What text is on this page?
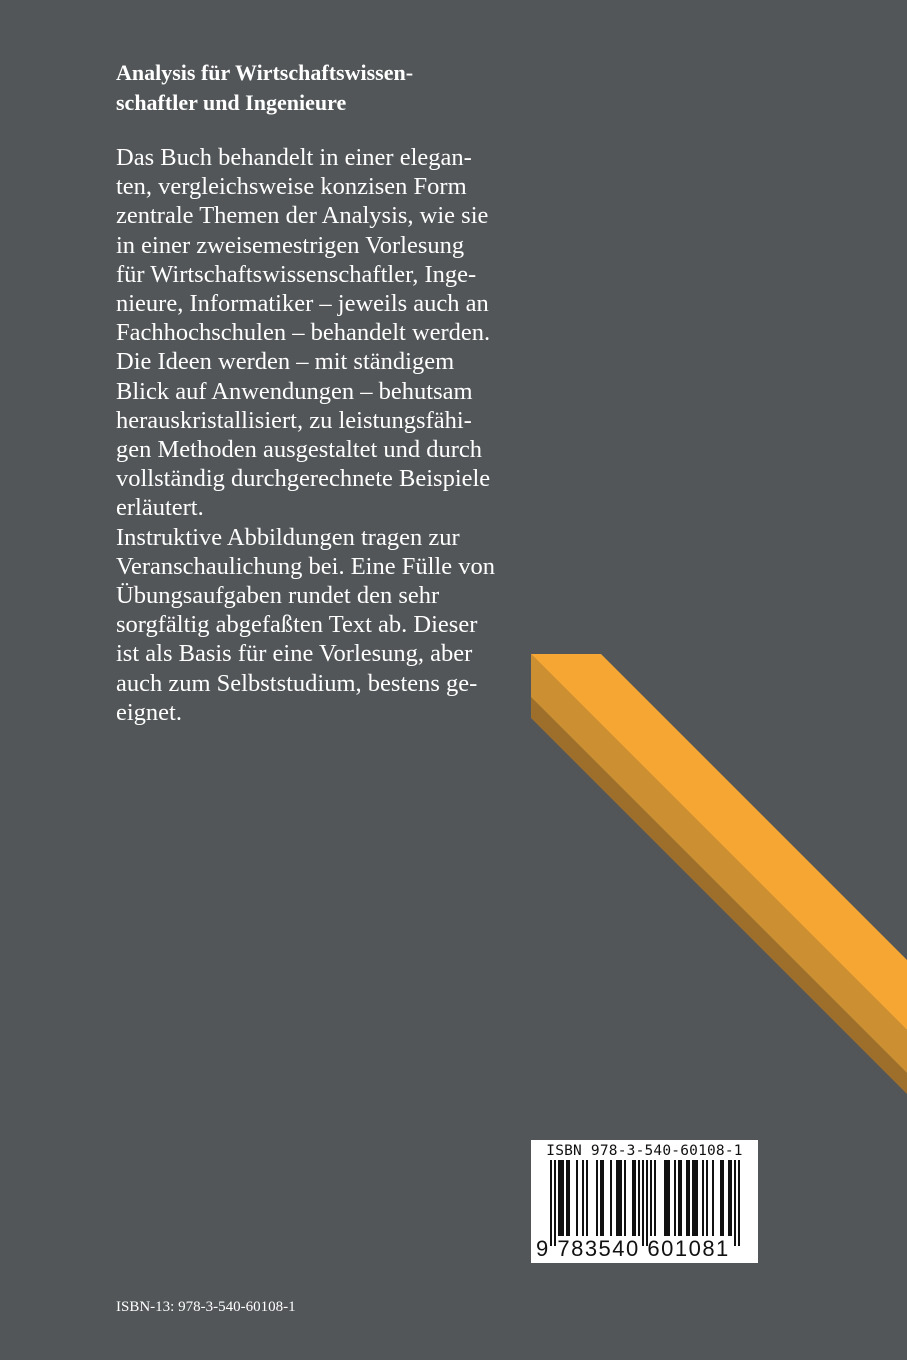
Analysis für Wirtschaftswissen-
schaftler und Ingenieure

Das Buch behandelt in einer elegan-
ten, vergleichsweise konzisen Form
zentrale Themen der Analysis, wie sie
in einer zweisemestrigen Vorlesung
für Wirtschaftswissenschaftler, Inge-
nieure, Informatiker – jeweils auch an
Fachhochschulen – behandelt werden.
Die Ideen werden – mit ständigem
Blick auf Anwendungen – behutsam
herauskristallisiert, zu leistungsfähi-
gen Methoden ausgestaltet und durch
vollständig durchgerechnete Beispiele
erläutert.
Instruktive Abbildungen tragen zur
Veranschaulichung bei. Eine Fülle von
Übungsaufgaben rundet den sehr
sorgfältig abgefaßten Text ab. Dieser
ist als Basis für eine Vorlesung, aber
auch zum Selbststudium, bestens ge-
eignet.

ISBN 978-3-540-60108-1
9 783540 601081
ISBN-13: 978-3-540-60108-1
